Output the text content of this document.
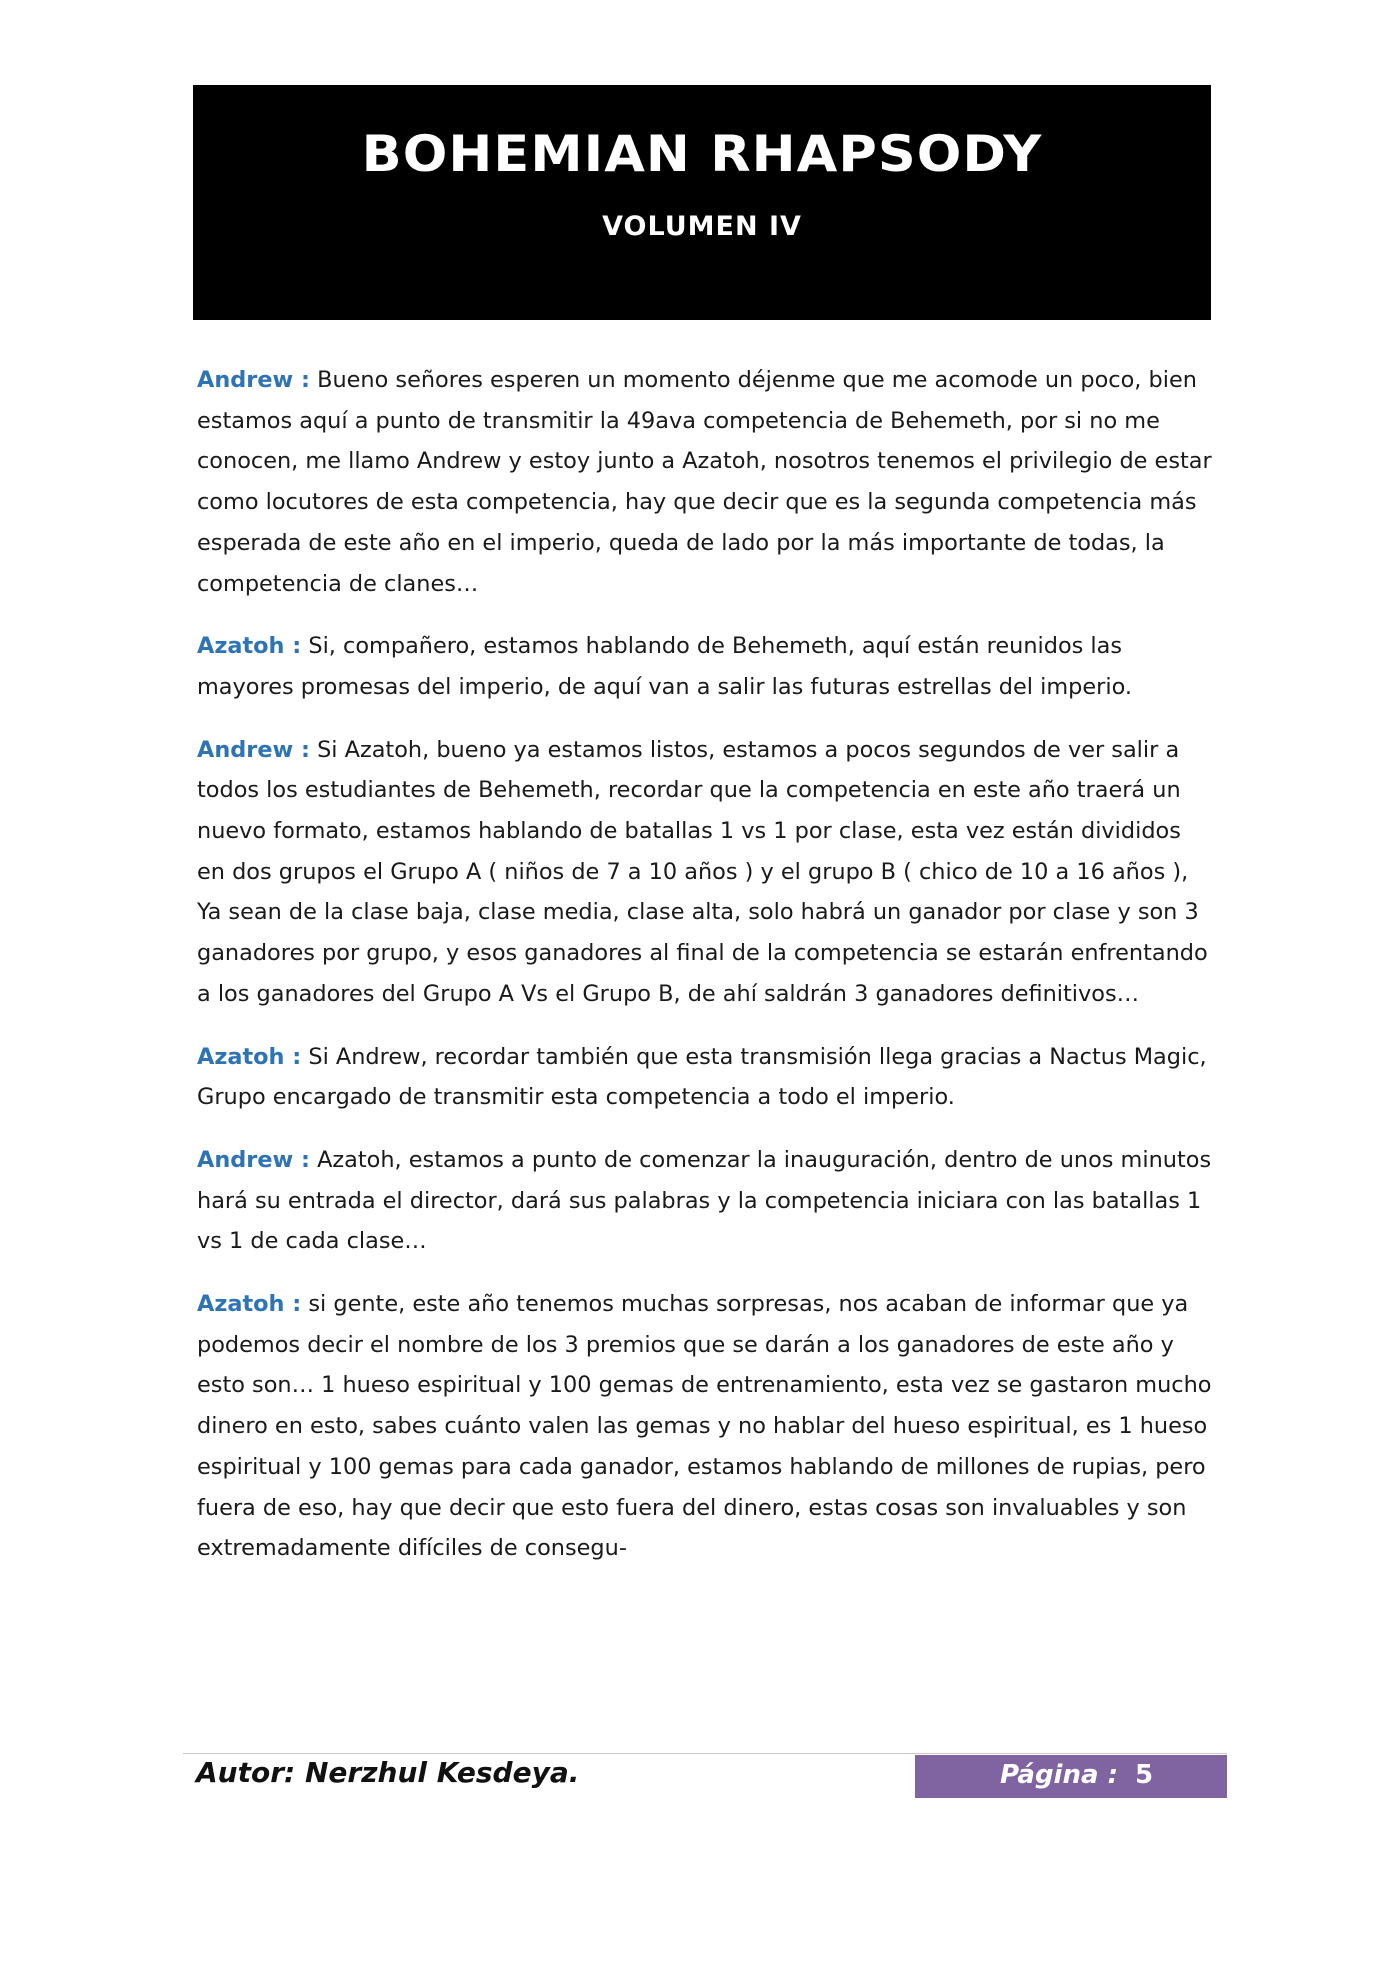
BOHEMIAN RHAPSODY
VOLUMEN IV

Andrew : Bueno señores esperen un momento déjenme que me acomode un poco, bien estamos aquí a punto de transmitir la 49ava competencia de Behemeth, por si no me conocen, me llamo Andrew y estoy junto a Azatoh, nosotros tenemos el privilegio de estar como locutores de esta competencia, hay que decir que es la segunda competencia más esperada de este año en el imperio, queda de lado por la más importante de todas, la competencia de clanes…

Azatoh : Si, compañero, estamos hablando de Behemeth, aquí están reunidos las mayores promesas del imperio, de aquí van a salir las futuras estrellas del imperio.

Andrew : Si Azatoh, bueno ya estamos listos, estamos a pocos segundos de ver salir a todos los estudiantes de Behemeth, recordar que la competencia en este año traerá un nuevo formato, estamos hablando de batallas 1 vs 1 por clase, esta vez están divididos en dos grupos el Grupo A ( niños de 7 a 10 años ) y el grupo B ( chico de 10 a 16 años ), Ya sean de la clase baja, clase media, clase alta, solo habrá un ganador por clase y son 3 ganadores por grupo, y esos ganadores al final de la competencia se estarán enfrentando a los ganadores del Grupo A Vs el Grupo B, de ahí saldrán 3 ganadores definitivos…

Azatoh : Si Andrew, recordar también que esta transmisión llega gracias a Nactus Magic, Grupo encargado de transmitir esta competencia a todo el imperio.

Andrew : Azatoh, estamos a punto de comenzar la inauguración, dentro de unos minutos hará su entrada el director, dará sus palabras y la competencia iniciara con las batallas 1 vs 1 de cada clase…

Azatoh : si gente, este año tenemos muchas sorpresas, nos acaban de informar que ya podemos decir el nombre de los 3 premios que se darán a los ganadores de este año y esto son… 1 hueso espiritual y 100 gemas de entrenamiento, esta vez se gastaron mucho dinero en esto, sabes cuánto valen las gemas y no hablar del hueso espiritual, es 1 hueso espiritual y 100 gemas para cada ganador, estamos hablando de millones de rupias, pero fuera de eso, hay que decir que esto fuera del dinero, estas cosas son invaluables y son extremadamente difíciles de consegu-

Autor: Nerzhul Kesdeya.	Página : 5
